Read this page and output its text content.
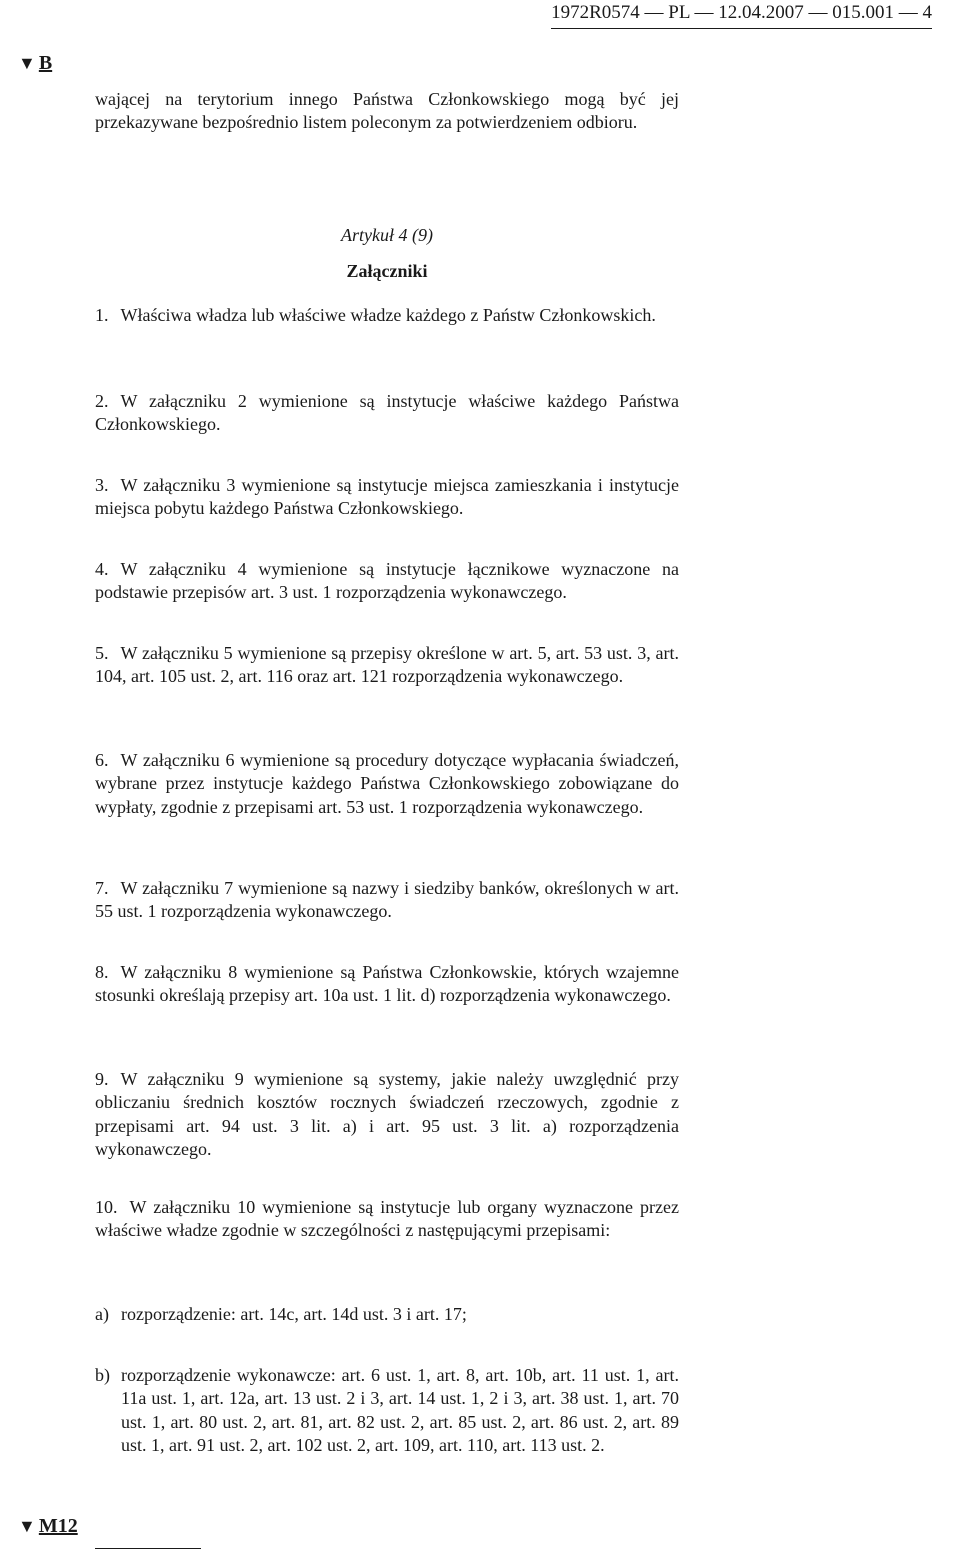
1972R0574 — PL — 12.04.2007 — 015.001 — 4
▼ B

wającej na terytorium innego Państwa Członkowskiego mogą być jej przekazywane bezpośrednio listem poleconym za potwierdzeniem odbioru.

Artykuł 4 (9)
Załączniki
1. Właściwa władza lub właściwe władze każdego z Państw Członkowskich.
2. W załączniku 2 wymienione są instytucje właściwe każdego Państwa Członkowskiego.
3. W załączniku 3 wymienione są instytucje miejsca zamieszkania i instytucje miejsca pobytu każdego Państwa Członkowskiego.
4. W załączniku 4 wymienione są instytucje łącznikowe wyznaczone na podstawie przepisów art. 3 ust. 1 rozporządzenia wykonawczego.
5. W załączniku 5 wymienione są przepisy określone w art. 5, art. 53 ust. 3, art. 104, art. 105 ust. 2, art. 116 oraz art. 121 rozporządzenia wykonawczego.
6. W załączniku 6 wymienione są procedury dotyczące wypłacania świadczeń, wybrane przez instytucje każdego Państwa Członkowskiego zobowiązane do wypłaty, zgodnie z przepisami art. 53 ust. 1 rozporządzenia wykonawczego.
7. W załączniku 7 wymienione są nazwy i siedziby banków, określonych w art. 55 ust. 1 rozporządzenia wykonawczego.
8. W załączniku 8 wymienione są Państwa Członkowskie, których wzajemne stosunki określają przepisy art. 10a ust. 1 lit. d) rozporządzenia wykonawczego.
9. W załączniku 9 wymienione są systemy, jakie należy uwzględnić przy obliczaniu średnich kosztów rocznych świadczeń rzeczowych, zgodnie z przepisami art. 94 ust. 3 lit. a) i art. 95 ust. 3 lit. a) rozporządzenia wykonawczego.
10. W załączniku 10 wymienione są instytucje lub organy wyznaczone przez właściwe władze zgodnie w szczególności z następującymi przepisami:
a) rozporządzenie: art. 14c, art. 14d ust. 3 i art. 17;
b) rozporządzenie wykonawcze: art. 6 ust. 1, art. 8, art. 10b, art. 11 ust. 1, art. 11a ust. 1, art. 12a, art. 13 ust. 2 i 3, art. 14 ust. 1, 2 i 3, art. 38 ust. 1, art. 70 ust. 1, art. 80 ust. 2, art. 81, art. 82 ust. 2, art. 85 ust. 2, art. 86 ust. 2, art. 89 ust. 1, art. 91 ust. 2, art. 102 ust. 2, art. 109, art. 110, art. 113 ust. 2.
▼ M12
